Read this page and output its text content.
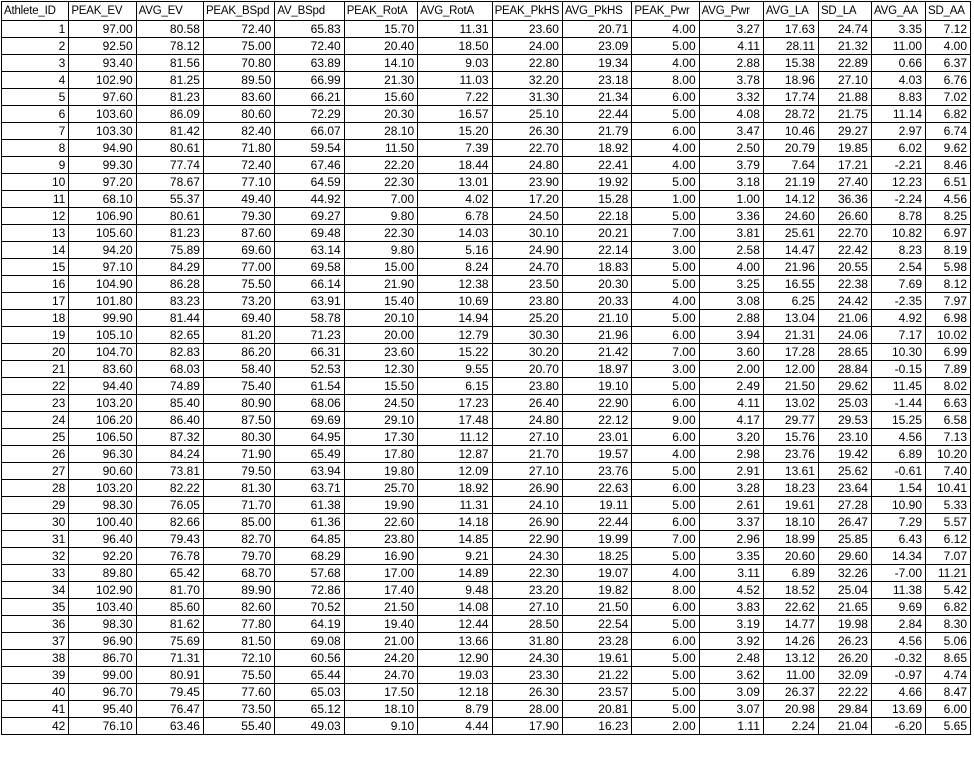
Athlete_ID	PEAK_EV	AVG_EV	PEAK_BSpd	AV_BSpd	PEAK_RotA	AVG_RotA	PEAK_PkHS	AVG_PkHS	PEAK_Pwr	AVG_Pwr	AVG_LA	SD_LA	AVG_AA	SD_AA
1	97.00	80.58	72.40	65.83	15.70	11.31	23.60	20.71	4.00	3.27	17.63	24.74	3.35	7.12
2	92.50	78.12	75.00	72.40	20.40	18.50	24.00	23.09	5.00	4.11	28.11	21.32	11.00	4.00
3	93.40	81.56	70.80	63.89	14.10	9.03	22.80	19.34	4.00	2.88	15.38	22.89	0.66	6.37
4	102.90	81.25	89.50	66.99	21.30	11.03	32.20	23.18	8.00	3.78	18.96	27.10	4.03	6.76
5	97.60	81.23	83.60	66.21	15.60	7.22	31.30	21.34	6.00	3.32	17.74	21.88	8.83	7.02
6	103.60	86.09	80.60	72.29	20.30	16.57	25.10	22.44	5.00	4.08	28.72	21.75	11.14	6.82
7	103.30	81.42	82.40	66.07	28.10	15.20	26.30	21.79	6.00	3.47	10.46	29.27	2.97	6.74
8	94.90	80.61	71.80	59.54	11.50	7.39	22.70	18.92	4.00	2.50	20.79	19.85	6.02	9.62
9	99.30	77.74	72.40	67.46	22.20	18.44	24.80	22.41	4.00	3.79	7.64	17.21	-2.21	8.46
10	97.20	78.67	77.10	64.59	22.30	13.01	23.90	19.92	5.00	3.18	21.19	27.40	12.23	6.51
11	68.10	55.37	49.40	44.92	7.00	4.02	17.20	15.28	1.00	1.00	14.12	36.36	-2.24	4.56
12	106.90	80.61	79.30	69.27	9.80	6.78	24.50	22.18	5.00	3.36	24.60	26.60	8.78	8.25
13	105.60	81.23	87.60	69.48	22.30	14.03	30.10	20.21	7.00	3.81	25.61	22.70	10.82	6.97
14	94.20	75.89	69.60	63.14	9.80	5.16	24.90	22.14	3.00	2.58	14.47	22.42	8.23	8.19
15	97.10	84.29	77.00	69.58	15.00	8.24	24.70	18.83	5.00	4.00	21.96	20.55	2.54	5.98
16	104.90	86.28	75.50	66.14	21.90	12.38	23.50	20.30	5.00	3.25	16.55	22.38	7.69	8.12
17	101.80	83.23	73.20	63.91	15.40	10.69	23.80	20.33	4.00	3.08	6.25	24.42	-2.35	7.97
18	99.90	81.44	69.40	58.78	20.10	14.94	25.20	21.10	5.00	2.88	13.04	21.06	4.92	6.98
19	105.10	82.65	81.20	71.23	20.00	12.79	30.30	21.96	6.00	3.94	21.31	24.06	7.17	10.02
20	104.70	82.83	86.20	66.31	23.60	15.22	30.20	21.42	7.00	3.60	17.28	28.65	10.30	6.99
21	83.60	68.03	58.40	52.53	12.30	9.55	20.70	18.97	3.00	2.00	12.00	28.84	-0.15	7.89
22	94.40	74.89	75.40	61.54	15.50	6.15	23.80	19.10	5.00	2.49	21.50	29.62	11.45	8.02
23	103.20	85.40	80.90	68.06	24.50	17.23	26.40	22.90	6.00	4.11	13.02	25.03	-1.44	6.63
24	106.20	86.40	87.50	69.69	29.10	17.48	24.80	22.12	9.00	4.17	29.77	29.53	15.25	6.58
25	106.50	87.32	80.30	64.95	17.30	11.12	27.10	23.01	6.00	3.20	15.76	23.10	4.56	7.13
26	96.30	84.24	71.90	65.49	17.80	12.87	21.70	19.57	4.00	2.98	23.76	19.42	6.89	10.20
27	90.60	73.81	79.50	63.94	19.80	12.09	27.10	23.76	5.00	2.91	13.61	25.62	-0.61	7.40
28	103.20	82.22	81.30	63.71	25.70	18.92	26.90	22.63	6.00	3.28	18.23	23.64	1.54	10.41
29	98.30	76.05	71.70	61.38	19.90	11.31	24.10	19.11	5.00	2.61	19.61	27.28	10.90	5.33
30	100.40	82.66	85.00	61.36	22.60	14.18	26.90	22.44	6.00	3.37	18.10	26.47	7.29	5.57
31	96.40	79.43	82.70	64.85	23.80	14.85	22.90	19.99	7.00	2.96	18.99	25.85	6.43	6.12
32	92.20	76.78	79.70	68.29	16.90	9.21	24.30	18.25	5.00	3.35	20.60	29.60	14.34	7.07
33	89.80	65.42	68.70	57.68	17.00	14.89	22.30	19.07	4.00	3.11	6.89	32.26	-7.00	11.21
34	102.90	81.70	89.90	72.86	17.40	9.48	23.20	19.82	8.00	4.52	18.52	25.04	11.38	5.42
35	103.40	85.60	82.60	70.52	21.50	14.08	27.10	21.50	6.00	3.83	22.62	21.65	9.69	6.82
36	98.30	81.62	77.80	64.19	19.40	12.44	28.50	22.54	5.00	3.19	14.77	19.98	2.84	8.30
37	96.90	75.69	81.50	69.08	21.00	13.66	31.80	23.28	6.00	3.92	14.26	26.23	4.56	5.06
38	86.70	71.31	72.10	60.56	24.20	12.90	24.30	19.61	5.00	2.48	13.12	26.20	-0.32	8.65
39	99.00	80.91	75.50	65.44	24.70	19.03	23.30	21.22	5.00	3.62	11.00	32.09	-0.97	4.74
40	96.70	79.45	77.60	65.03	17.50	12.18	26.30	23.57	5.00	3.09	26.37	22.22	4.66	8.47
41	95.40	76.47	73.50	65.12	18.10	8.79	28.00	20.81	5.00	3.07	20.98	29.84	13.69	6.00
42	76.10	63.46	55.40	49.03	9.10	4.44	17.90	16.23	2.00	1.11	2.24	21.04	-6.20	5.65
